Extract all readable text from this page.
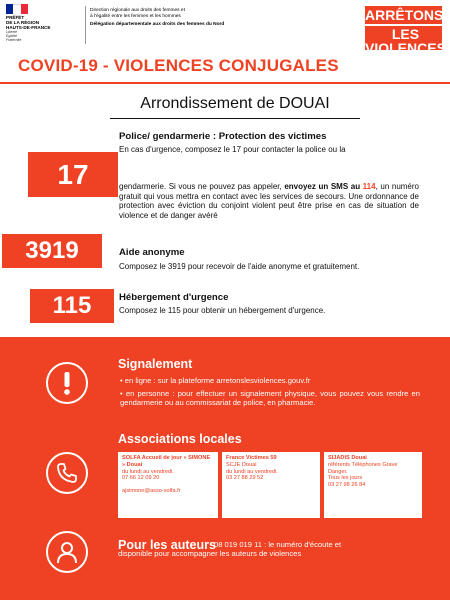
PRÉFET
DE LA RÉGION
HAUTS-DE-FRANCE
Liberté
Égalité
Fraternité
Direction régionale aux droits des femmes et
à l'égalité entre les femmes et les hommes
Délégation départementale aux droits des femmes du Nord
ARRÊTONS
LES VIOLENCES
COVID-19 - VIOLENCES CONJUGALES
Arrondissement de DOUAI
17
Police/ gendarmerie : Protection des victimes
En cas d'urgence, composez le 17 pour contacter la police ou la
gendarmerie. Si vous ne pouvez pas appeler, envoyez un SMS au 114, un numéro gratuit qui vous mettra en contact avec les services de secours. Une ordonnance de protection avec éviction du conjoint violent peut être prise en cas de situation de violence et de danger avéré
3919	Aide anonyme
Composez le 3919 pour recevoir de l'aide anonyme et gratuitement.
115	Hébergement d'urgence
Composez le 115 pour obtenir un hébergement d'urgence.
Signalement
• en ligne : sur la plateforme arretonslesviolences.gouv.fr
• en personne : pour effectuer un signalement physique, vous pouvez vous rendre en gendarmerie ou au commissariat de police, en pharmacie.
Associations locales
SOLFA Accueil de jour « SIMONE » Douai
du lundi au vendredi.
07 66 12 09 20
ajsimone@asso-solfa.fr
France Victimes 59
SCJE Douai
du lundi au vendredi.
03 27 88 29 52
SIJADIS Douai
référents Téléphones Grave Danger.
Tous les jours
03 27 98 26 84
Pour les auteurs
08 019 019 11 : le numéro d'écoute et
disponible pour accompagner les auteurs de violences
